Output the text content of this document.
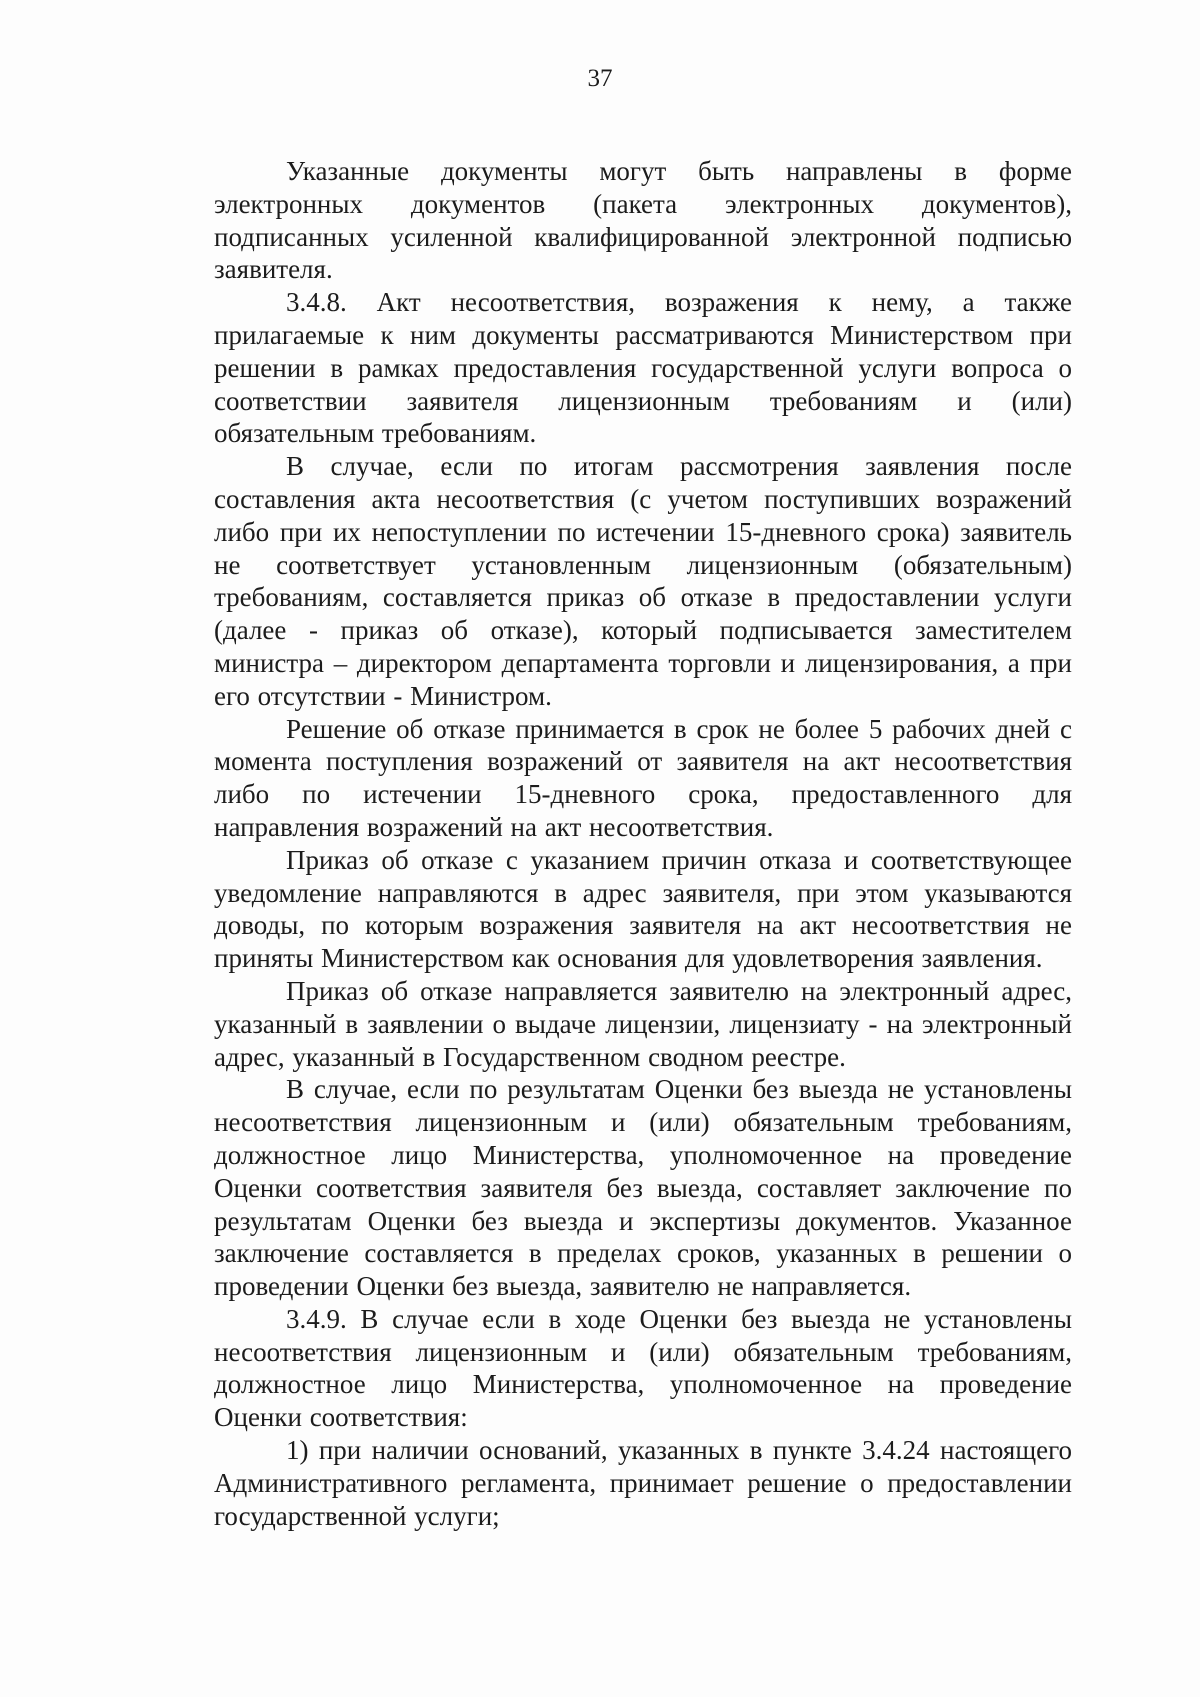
37

Указанные документы могут быть направлены в форме электронных документов (пакета электронных документов), подписанных усиленной квалифицированной электронной подписью заявителя.

3.4.8. Акт несоответствия, возражения к нему, а также прилагаемые к ним документы рассматриваются Министерством при решении в рамках предоставления государственной услуги вопроса о соответствии заявителя лицензионным требованиям и (или) обязательным требованиям.

В случае, если по итогам рассмотрения заявления после составления акта несоответствия (с учетом поступивших возражений либо при их непоступлении по истечении 15-дневного срока) заявитель не соответствует установленным лицензионным (обязательным) требованиям, составляется приказ об отказе в предоставлении услуги (далее - приказ об отказе), который подписывается заместителем министра – директором департамента торговли и лицензирования, а при его отсутствии - Министром.

Решение об отказе принимается в срок не более 5 рабочих дней с момента поступления возражений от заявителя на акт несоответствия либо по истечении 15-дневного срока, предоставленного для направления возражений на акт несоответствия.

Приказ об отказе с указанием причин отказа и соответствующее уведомление направляются в адрес заявителя, при этом указываются доводы, по которым возражения заявителя на акт несоответствия не приняты Министерством как основания для удовлетворения заявления.

Приказ об отказе направляется заявителю на электронный адрес, указанный в заявлении о выдаче лицензии, лицензиату - на электронный адрес, указанный в Государственном сводном реестре.

В случае, если по результатам Оценки без выезда не установлены несоответствия лицензионным и (или) обязательным требованиям, должностное лицо Министерства, уполномоченное на проведение Оценки соответствия заявителя без выезда, составляет заключение по результатам Оценки без выезда и экспертизы документов. Указанное заключение составляется в пределах сроков, указанных в решении о проведении Оценки без выезда, заявителю не направляется.

3.4.9. В случае если в ходе Оценки без выезда не установлены несоответствия лицензионным и (или) обязательным требованиям, должностное лицо Министерства, уполномоченное на проведение Оценки соответствия:

1) при наличии оснований, указанных в пункте 3.4.24 настоящего Административного регламента, принимает решение о предоставлении государственной услуги;
